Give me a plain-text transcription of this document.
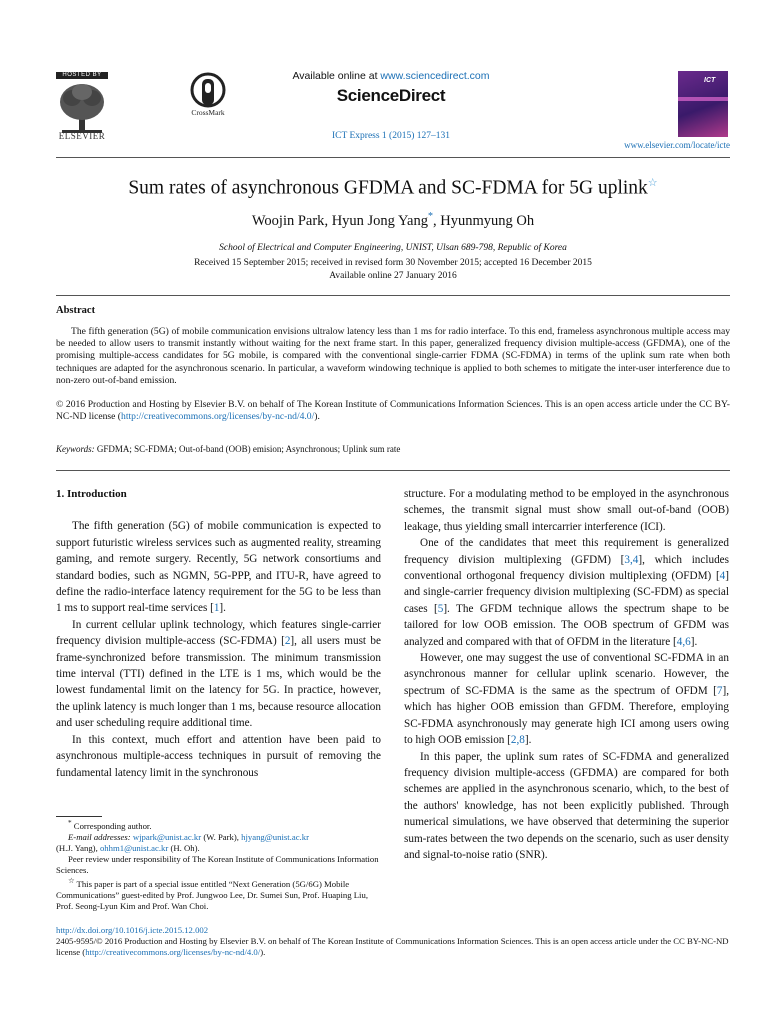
HOSTED BY
ELSEVIER
CrossMark
Available online at www.sciencedirect.com
ScienceDirect
ICT Express 1 (2015) 127–131
ICT
www.elsevier.com/locate/icte
Sum rates of asynchronous GFDMA and SC-FDMA for 5G uplink☆
Woojin Park, Hyun Jong Yang*, Hyunmyung Oh
School of Electrical and Computer Engineering, UNIST, Ulsan 689-798, Republic of Korea
Received 15 September 2015; received in revised form 30 November 2015; accepted 16 December 2015
Available online 27 January 2016
Abstract
The fifth generation (5G) of mobile communication envisions ultralow latency less than 1 ms for radio interface. To this end, frameless asynchronous multiple access may be needed to allow users to transmit instantly without waiting for the next frame start. In this paper, generalized frequency division multiple-access (GFDMA), one of the promising multiple-access candidates for 5G mobile, is compared with the conventional single-carrier FDMA (SC-FDMA) in terms of the uplink sum rate when both techniques are adapted for the asynchronous scenario. In particular, a waveform windowing technique is applied to both schemes to mitigate the inter-user interference due to non-zero out-of-band emission.
© 2016 Production and Hosting by Elsevier B.V. on behalf of The Korean Institute of Communications Information Sciences. This is an open access article under the CC BY-NC-ND license (http://creativecommons.org/licenses/by-nc-nd/4.0/).
Keywords: GFDMA; SC-FDMA; Out-of-band (OOB) emision; Asynchronous; Uplink sum rate
1. Introduction

The fifth generation (5G) of mobile communication is expected to support futuristic wireless services such as augmented reality, streaming gaming, and remote surgery. Recently, 5G network consortiums and standard bodies, such as NGMN, 5G-PPP, and ITU-R, have agreed to define the radio-interface latency requirement for the 5G to be less than 1 ms to support real-time services [1].

In current cellular uplink technology, which features single-carrier frequency division multiple-access (SC-FDMA) [2], all users must be frame-synchronized before transmission. The minimum transmission time interval (TTI) defined in the LTE is 1 ms, which would be the lowest fundamental limit on the latency for 5G. In practice, however, the uplink latency is much longer than 1 ms, because resource allocation and user scheduling require additional time.

In this context, much effort and attention have been paid to asynchronous multiple-access techniques in pursuit of removing the fundamental latency limit in the synchronous

* Corresponding author.

E-mail addresses: wjpark@unist.ac.kr (W. Park), hjyang@unist.ac.kr

(H.J. Yang), ohhm1@unist.ac.kr (H. Oh).

Peer review under responsibility of The Korean Institute of Communications Information Sciences.

☆ This paper is part of a special issue entitled “Next Generation (5G/6G) Mobile Communications” guest-edited by Prof. Jungwoo Lee, Dr. Sumei Sun, Prof. Huaping Liu, Prof. Seong-Lyun Kim and Prof. Wan Choi.

structure. For a modulating method to be employed in the asynchronous schemes, the transmit signal must show small out-of-band (OOB) leakage, thus yielding small intercarrier interference (ICI).

One of the candidates that meet this requirement is generalized frequency division multiplexing (GFDM) [3,4], which includes conventional orthogonal frequency division multiplexing (OFDM) [4] and single-carrier frequency division multiplexing (SC-FDM) as special cases [5]. The GFDM technique allows the spectrum shape to be tailored for low OOB emission. The OOB spectrum of GFDM was analyzed and compared with that of OFDM in the literature [4,6].

However, one may suggest the use of conventional SC-FDMA in an asynchronous manner for cellular uplink scenario. However, the spectrum of SC-FDMA is the same as the spectrum of OFDM [7], which has higher OOB emission than GFDM. Therefore, employing SC-FDMA asynchronously may generate high ICI among users owing to high OOB emission [2,8].

In this paper, the uplink sum rates of SC-FDMA and generalized frequency division multiple-access (GFDMA) are compared for both schemes are applied in the asynchronous scenario, which, to the best of the authors' knowledge, has not been explicitly published. Through numerical simulations, we have observed that determining the superior sum-rates between the two depends on the scenario, such as user density and signal-to-noise ratio (SNR).

http://dx.doi.org/10.1016/j.icte.2015.12.002
2405-9595/© 2016 Production and Hosting by Elsevier B.V. on behalf of The Korean Institute of Communications Information Sciences. This is an open access article under the CC BY-NC-ND license (http://creativecommons.org/licenses/by-nc-nd/4.0/).
